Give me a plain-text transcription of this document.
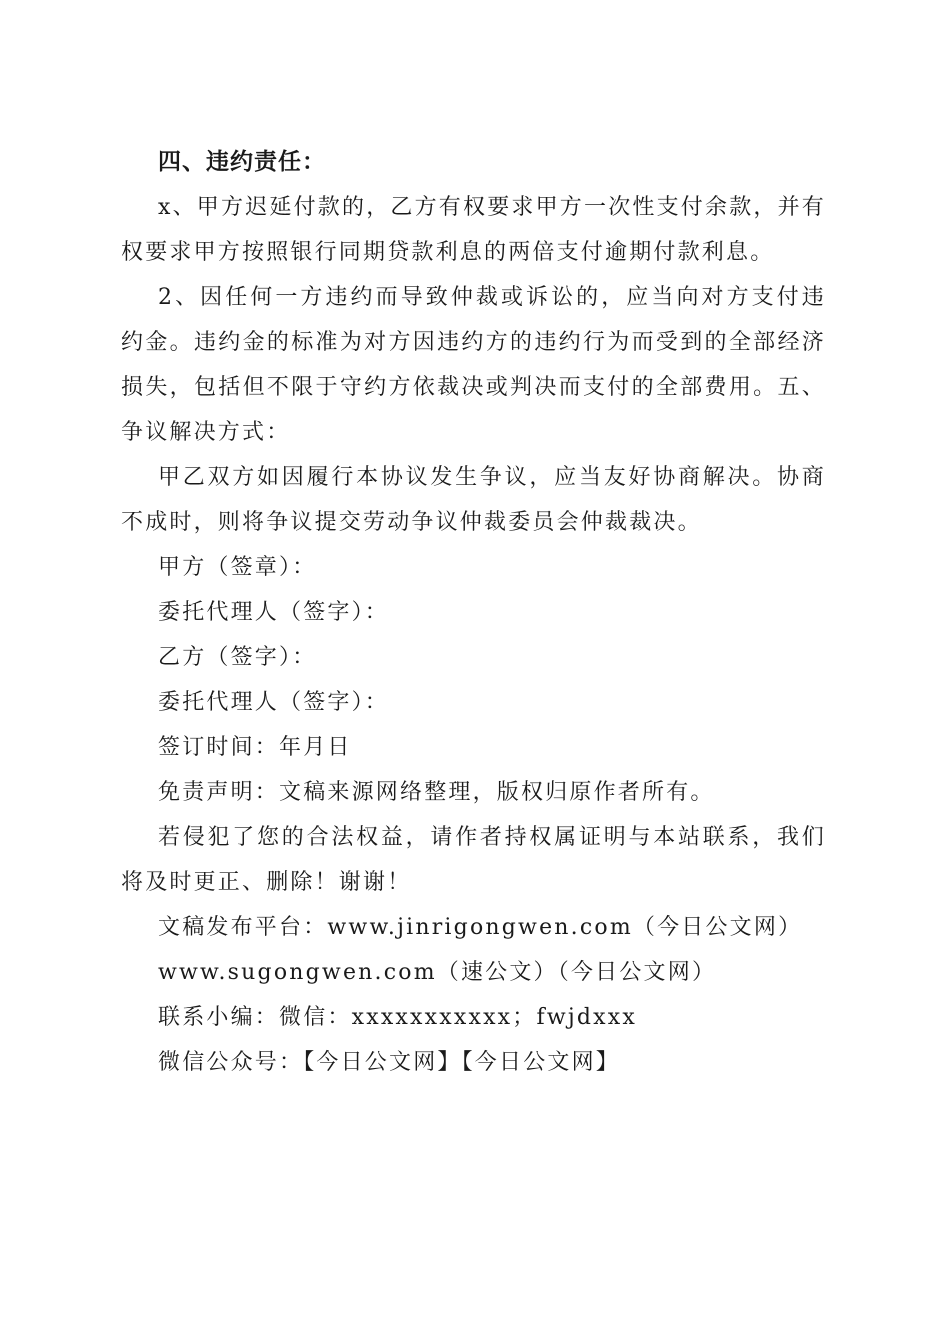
四、违约责任：

x、甲方迟延付款的，乙方有权要求甲方一次性支付余款，并有权要求甲方按照银行同期贷款利息的两倍支付逾期付款利息。

2、因任何一方违约而导致仲裁或诉讼的，应当向对方支付违约金。违约金的标准为对方因违约方的违约行为而受到的全部经济损失，包括但不限于守约方依裁决或判决而支付的全部费用。五、争议解决方式：

甲乙双方如因履行本协议发生争议，应当友好协商解决。协商不成时，则将争议提交劳动争议仲裁委员会仲裁裁决。

甲方（签章）：

委托代理人（签字）：

乙方（签字）：

委托代理人（签字）：

签订时间：年月日

免责声明：文稿来源网络整理，版权归原作者所有。

若侵犯了您的合法权益，请作者持权属证明与本站联系，我们将及时更正、删除！谢谢！

文稿发布平台：www.jinrigongwen.com（今日公文网）

www.sugongwen.com（速公文）（今日公文网）

联系小编：微信：xxxxxxxxxxx；fwjdxxx

微信公众号：【今日公文网】【今日公文网】
